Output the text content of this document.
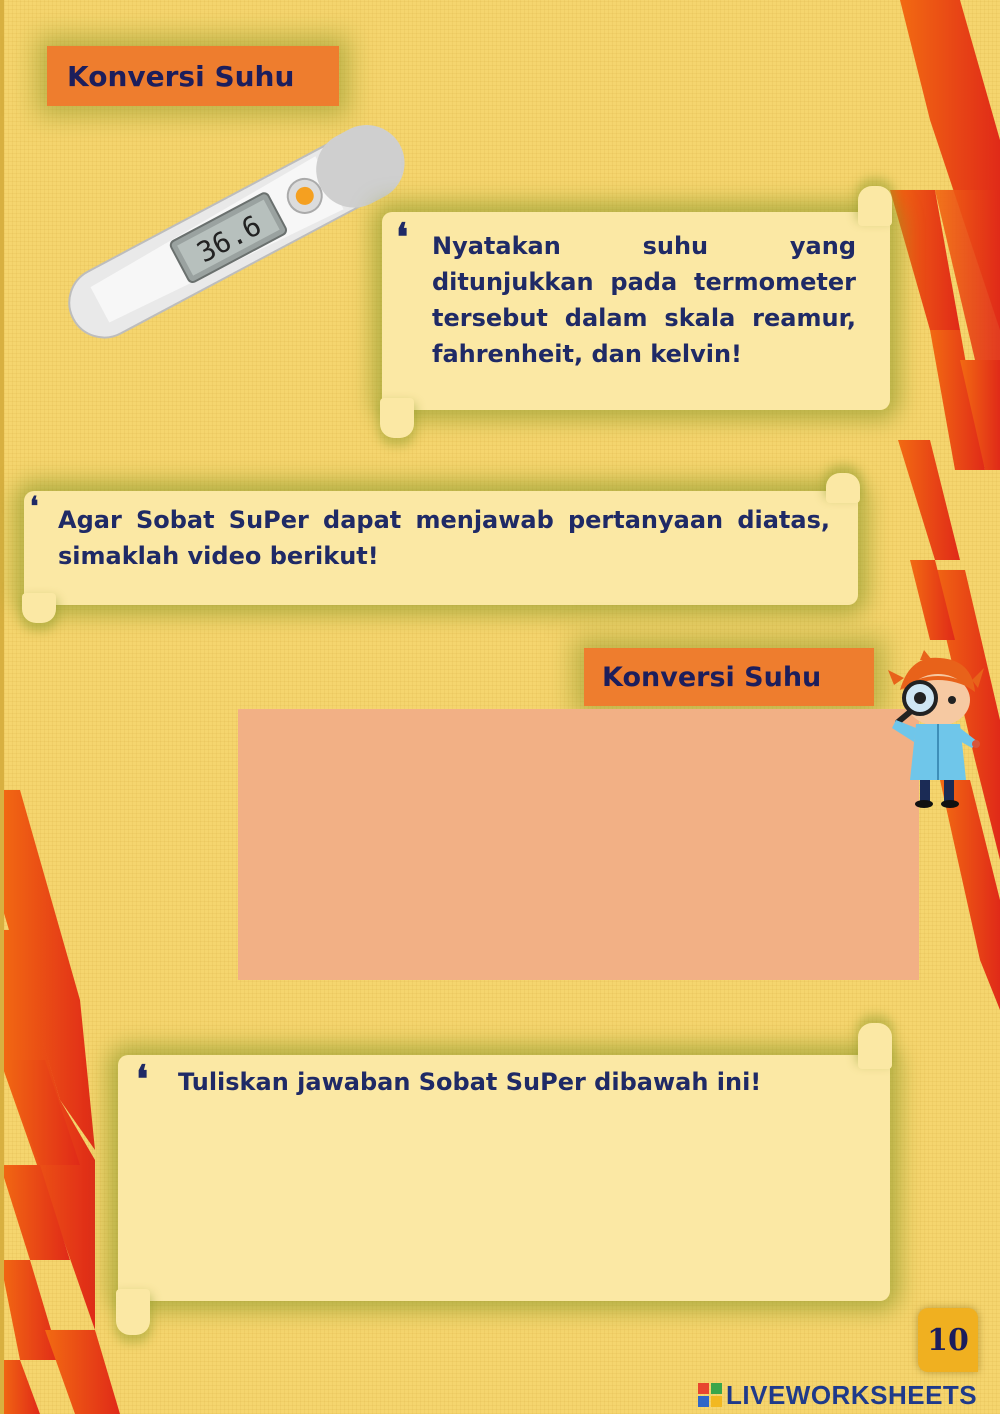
Konversi Suhu
36.6	❛ Nyatakan suhu yang ditunjukkan pada termometer tersebut dalam skala reamur, fahrenheit, dan kelvin!
❛ Agar Sobat SuPer dapat menjawab pertanyaan diatas, simaklah video berikut!
Konversi Suhu
❛ Tuliskan jawaban Sobat SuPer dibawah ini!
10
LIVEWORKSHEETS
